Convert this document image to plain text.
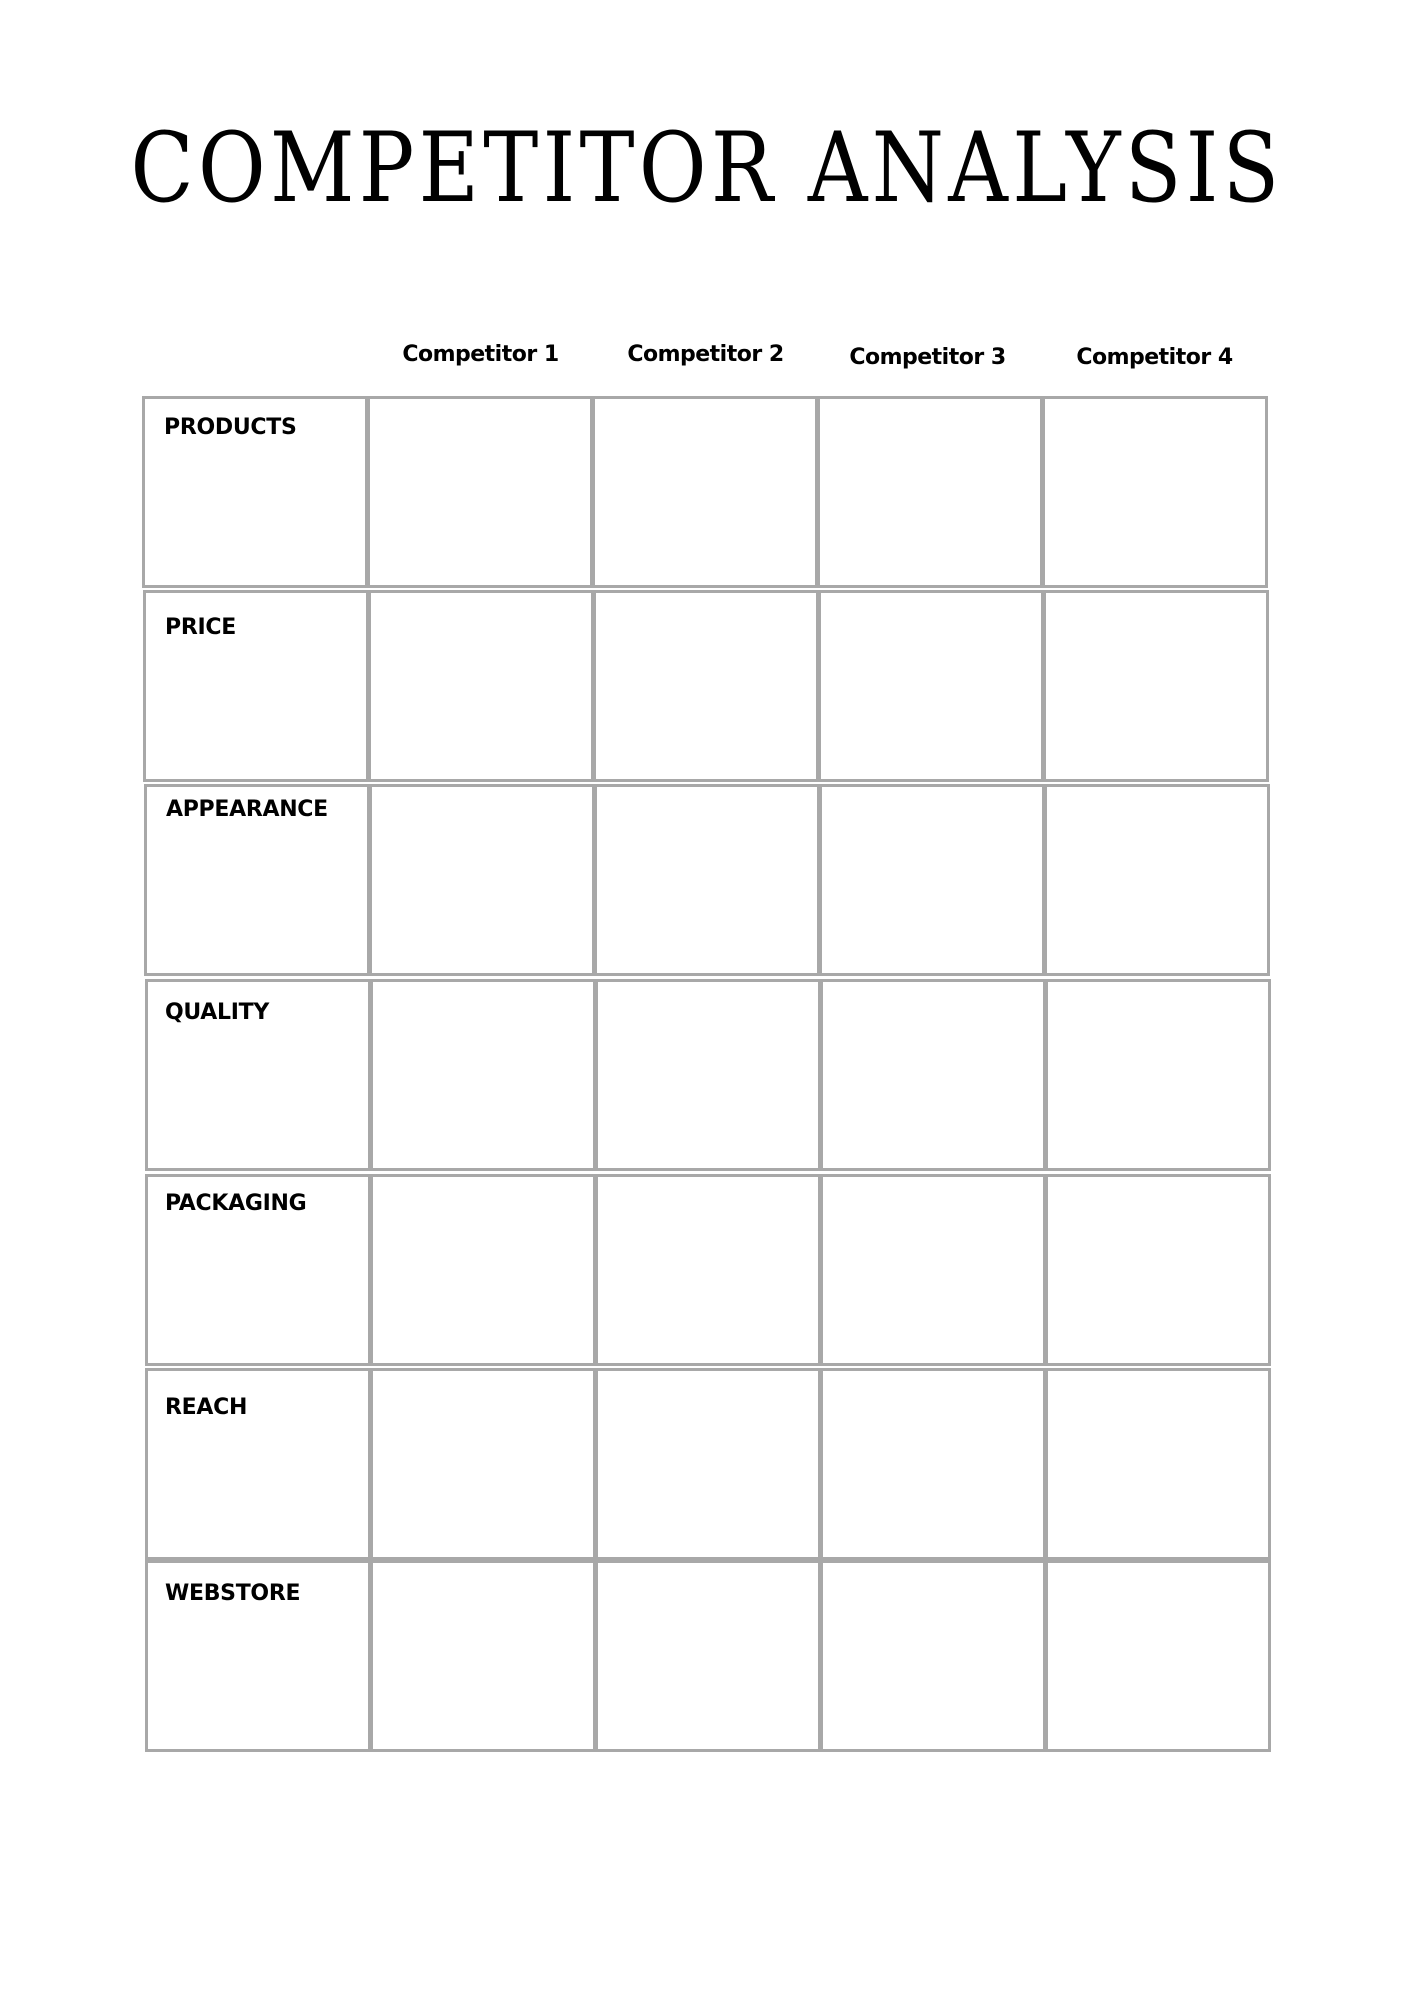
COMPETITOR ANALYSIS
Competitor 1	Competitor 2	Competitor 3	Competitor 4
PRODUCTS
PRICE
APPEARANCE
QUALITY
PACKAGING
REACH
WEBSTORE
